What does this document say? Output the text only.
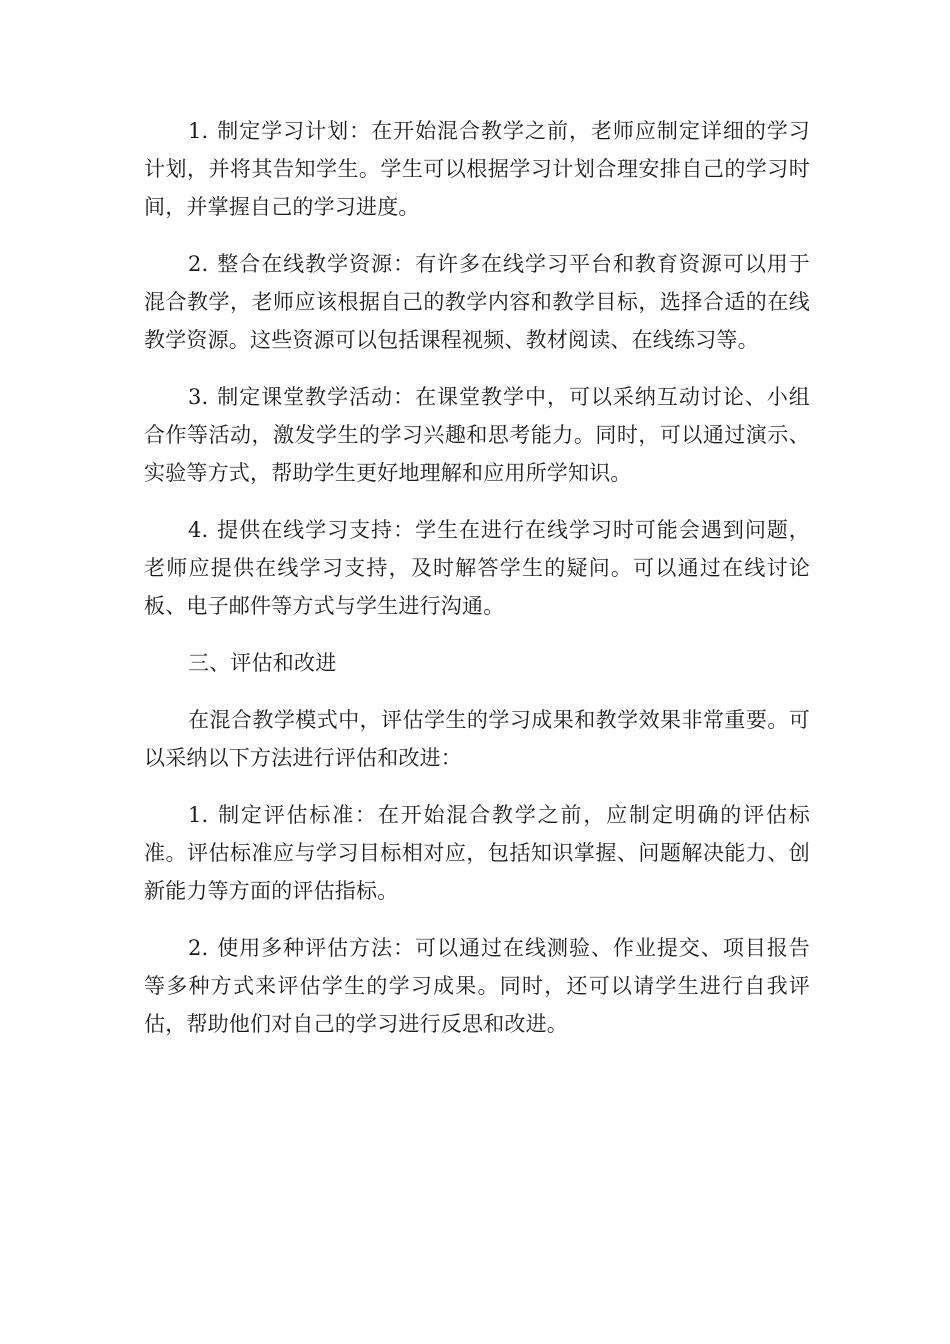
1. 制定学习计划：在开始混合教学之前，老师应制定详细的学习计划，并将其告知学生。学生可以根据学习计划合理安排自己的学习时间，并掌握自己的学习进度。

2. 整合在线教学资源：有许多在线学习平台和教育资源可以用于混合教学，老师应该根据自己的教学内容和教学目标，选择合适的在线教学资源。这些资源可以包括课程视频、教材阅读、在线练习等。

3. 制定课堂教学活动：在课堂教学中，可以采纳互动讨论、小组合作等活动，激发学生的学习兴趣和思考能力。同时，可以通过演示、实验等方式，帮助学生更好地理解和应用所学知识。

4. 提供在线学习支持：学生在进行在线学习时可能会遇到问题，老师应提供在线学习支持，及时解答学生的疑问。可以通过在线讨论板、电子邮件等方式与学生进行沟通。

三、评估和改进

在混合教学模式中，评估学生的学习成果和教学效果非常重要。可以采纳以下方法进行评估和改进：

1. 制定评估标准：在开始混合教学之前，应制定明确的评估标准。评估标准应与学习目标相对应，包括知识掌握、问题解决能力、创新能力等方面的评估指标。

2. 使用多种评估方法：可以通过在线测验、作业提交、项目报告等多种方式来评估学生的学习成果。同时，还可以请学生进行自我评估，帮助他们对自己的学习进行反思和改进。
